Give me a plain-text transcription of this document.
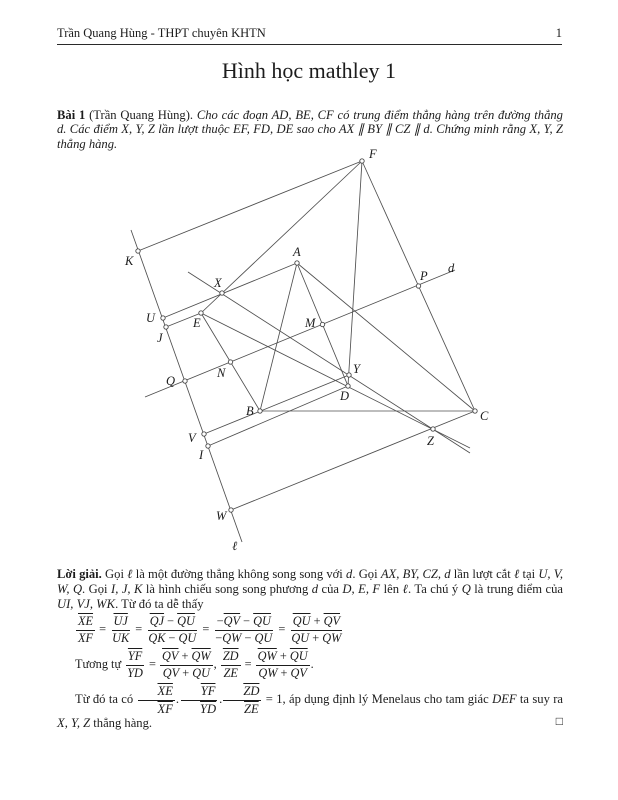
Trần Quang Hùng - THPT chuyên KHTN	1
Hình học mathley 1

Bài 1 (Trần Quang Hùng). Cho các đoạn AD, BE, CF có trung điểm thẳng hàng trên đường thẳng d. Các điểm X, Y, Z lần lượt thuộc EF, FD, DE sao cho AX ∥ BY ∥ CZ ∥ d. Chứng minh rằng X, Y, Z thẳng hàng.

F
K
A
X	P
U	E
J
M
Q
N	Y
B
D
C
V
I
W
Z
d
ℓ

Lời giải. Gọi ℓ là một đường thẳng không song song với d. Gọi AX, BY, CZ, d lần lượt cắt ℓ tại U, V, W, Q. Gọi I, J, K là hình chiếu song song phương d của D, E, F lên ℓ. Ta chú ý Q là trung điểm của UI, VJ, WK. Từ đó ta dễ thấy

$\frac{\overline{XE}}{XF} = \frac{\overline{UJ}}{UK} = \frac{\overline{QJ} - \overline{QU}}{\overline{QK} - \overline{QU}} = \frac{-\overline{QV} - \overline{QU}}{-\overline{QW} - \overline{QU}} = \frac{\overline{QU} + \overline{QV}}{\overline{QU} + \overline{QW}}$
Tương tự $\frac{\overline{YF}}{YD} = \frac{\overline{QV} + \overline{QW}}{\overline{QV} + \overline{QU}}$ , $\frac{\overline{ZD}}{ZE} = \frac{\overline{QW} + \overline{QU}}{\overline{QW} + \overline{QV}}$ .
Từ đó ta có $\frac{\overline{XE}}{XF}$ . $\frac{\overline{YF}}{YD}$ . $\frac{\overline{ZD}}{ZE} = 1$, áp dụng định lý Menelaus cho tam giác DEF ta suy ra X, Y, Z thẳng hàng.	□
